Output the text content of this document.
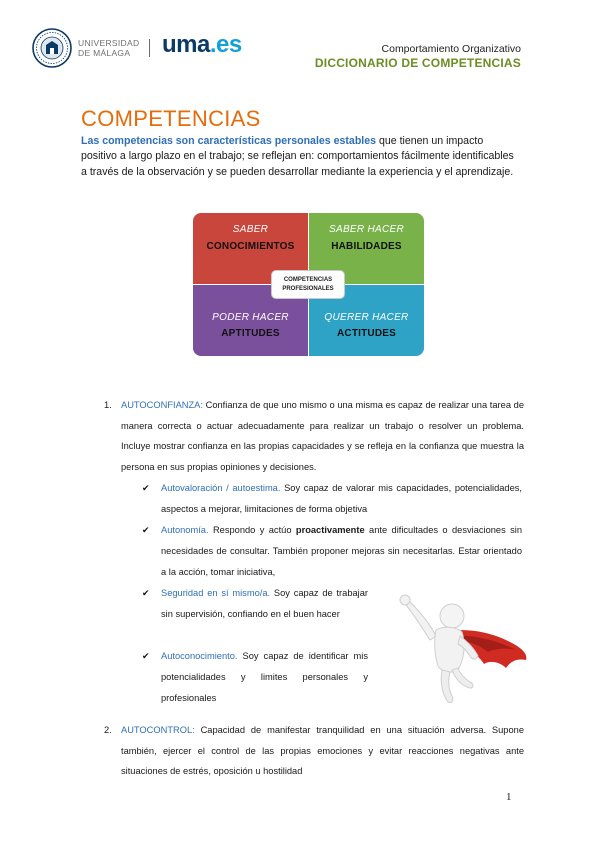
UNIVERSIDAD
DE MÁLAGA	uma.es	Comportamiento Organizativo
DICCIONARIO DE COMPETENCIAS
COMPETENCIAS
Las competencias son características personales estables que tienen un impacto positivo a largo plazo en el trabajo; se reflejan en: comportamientos fácilmente identificables a través de la observación y se pueden desarrollar mediante la experiencia y el aprendizaje.
SABER
CONOCIMIENTOS
SABER HACER
HABILIDADES
PODER HACER
APTITUDES
QUERER HACER
ACTITUDES
COMPETENCIAS
PROFESIONALES
1. AUTOCONFIANZA: Confianza de que uno mismo o una misma es capaz de realizar una tarea de manera correcta o actuar adecuadamente para realizar un trabajo o resolver un problema. Incluye mostrar confianza en las propias capacidades y se refleja en la confianza que muestra la persona en sus propias opiniones y decisiones.
✔ Autovaloración / autoestima. Soy capaz de valorar mis capacidades, potencialidades, aspectos a mejorar, limitaciones de forma objetiva
✔ Autonomía. Respondo y actúo proactivamente ante dificultades o desviaciones sin necesidades de consultar. También proponer mejoras sin necesitarlas. Estar orientado a la acción, tomar iniciativa,
✔ Seguridad en sí mismo/a. Soy capaz de trabajar sin supervisión, confiando en el buen hacer
✔ Autoconocimiento. Soy capaz de identificar mis potencialidades y limites personales y profesionales
2. AUTOCONTROL: Capacidad de manifestar tranquilidad en una situación adversa. Supone también, ejercer el control de las propias emociones y evitar reacciones negativas ante situaciones de estrés, oposición u hostilidad
1
